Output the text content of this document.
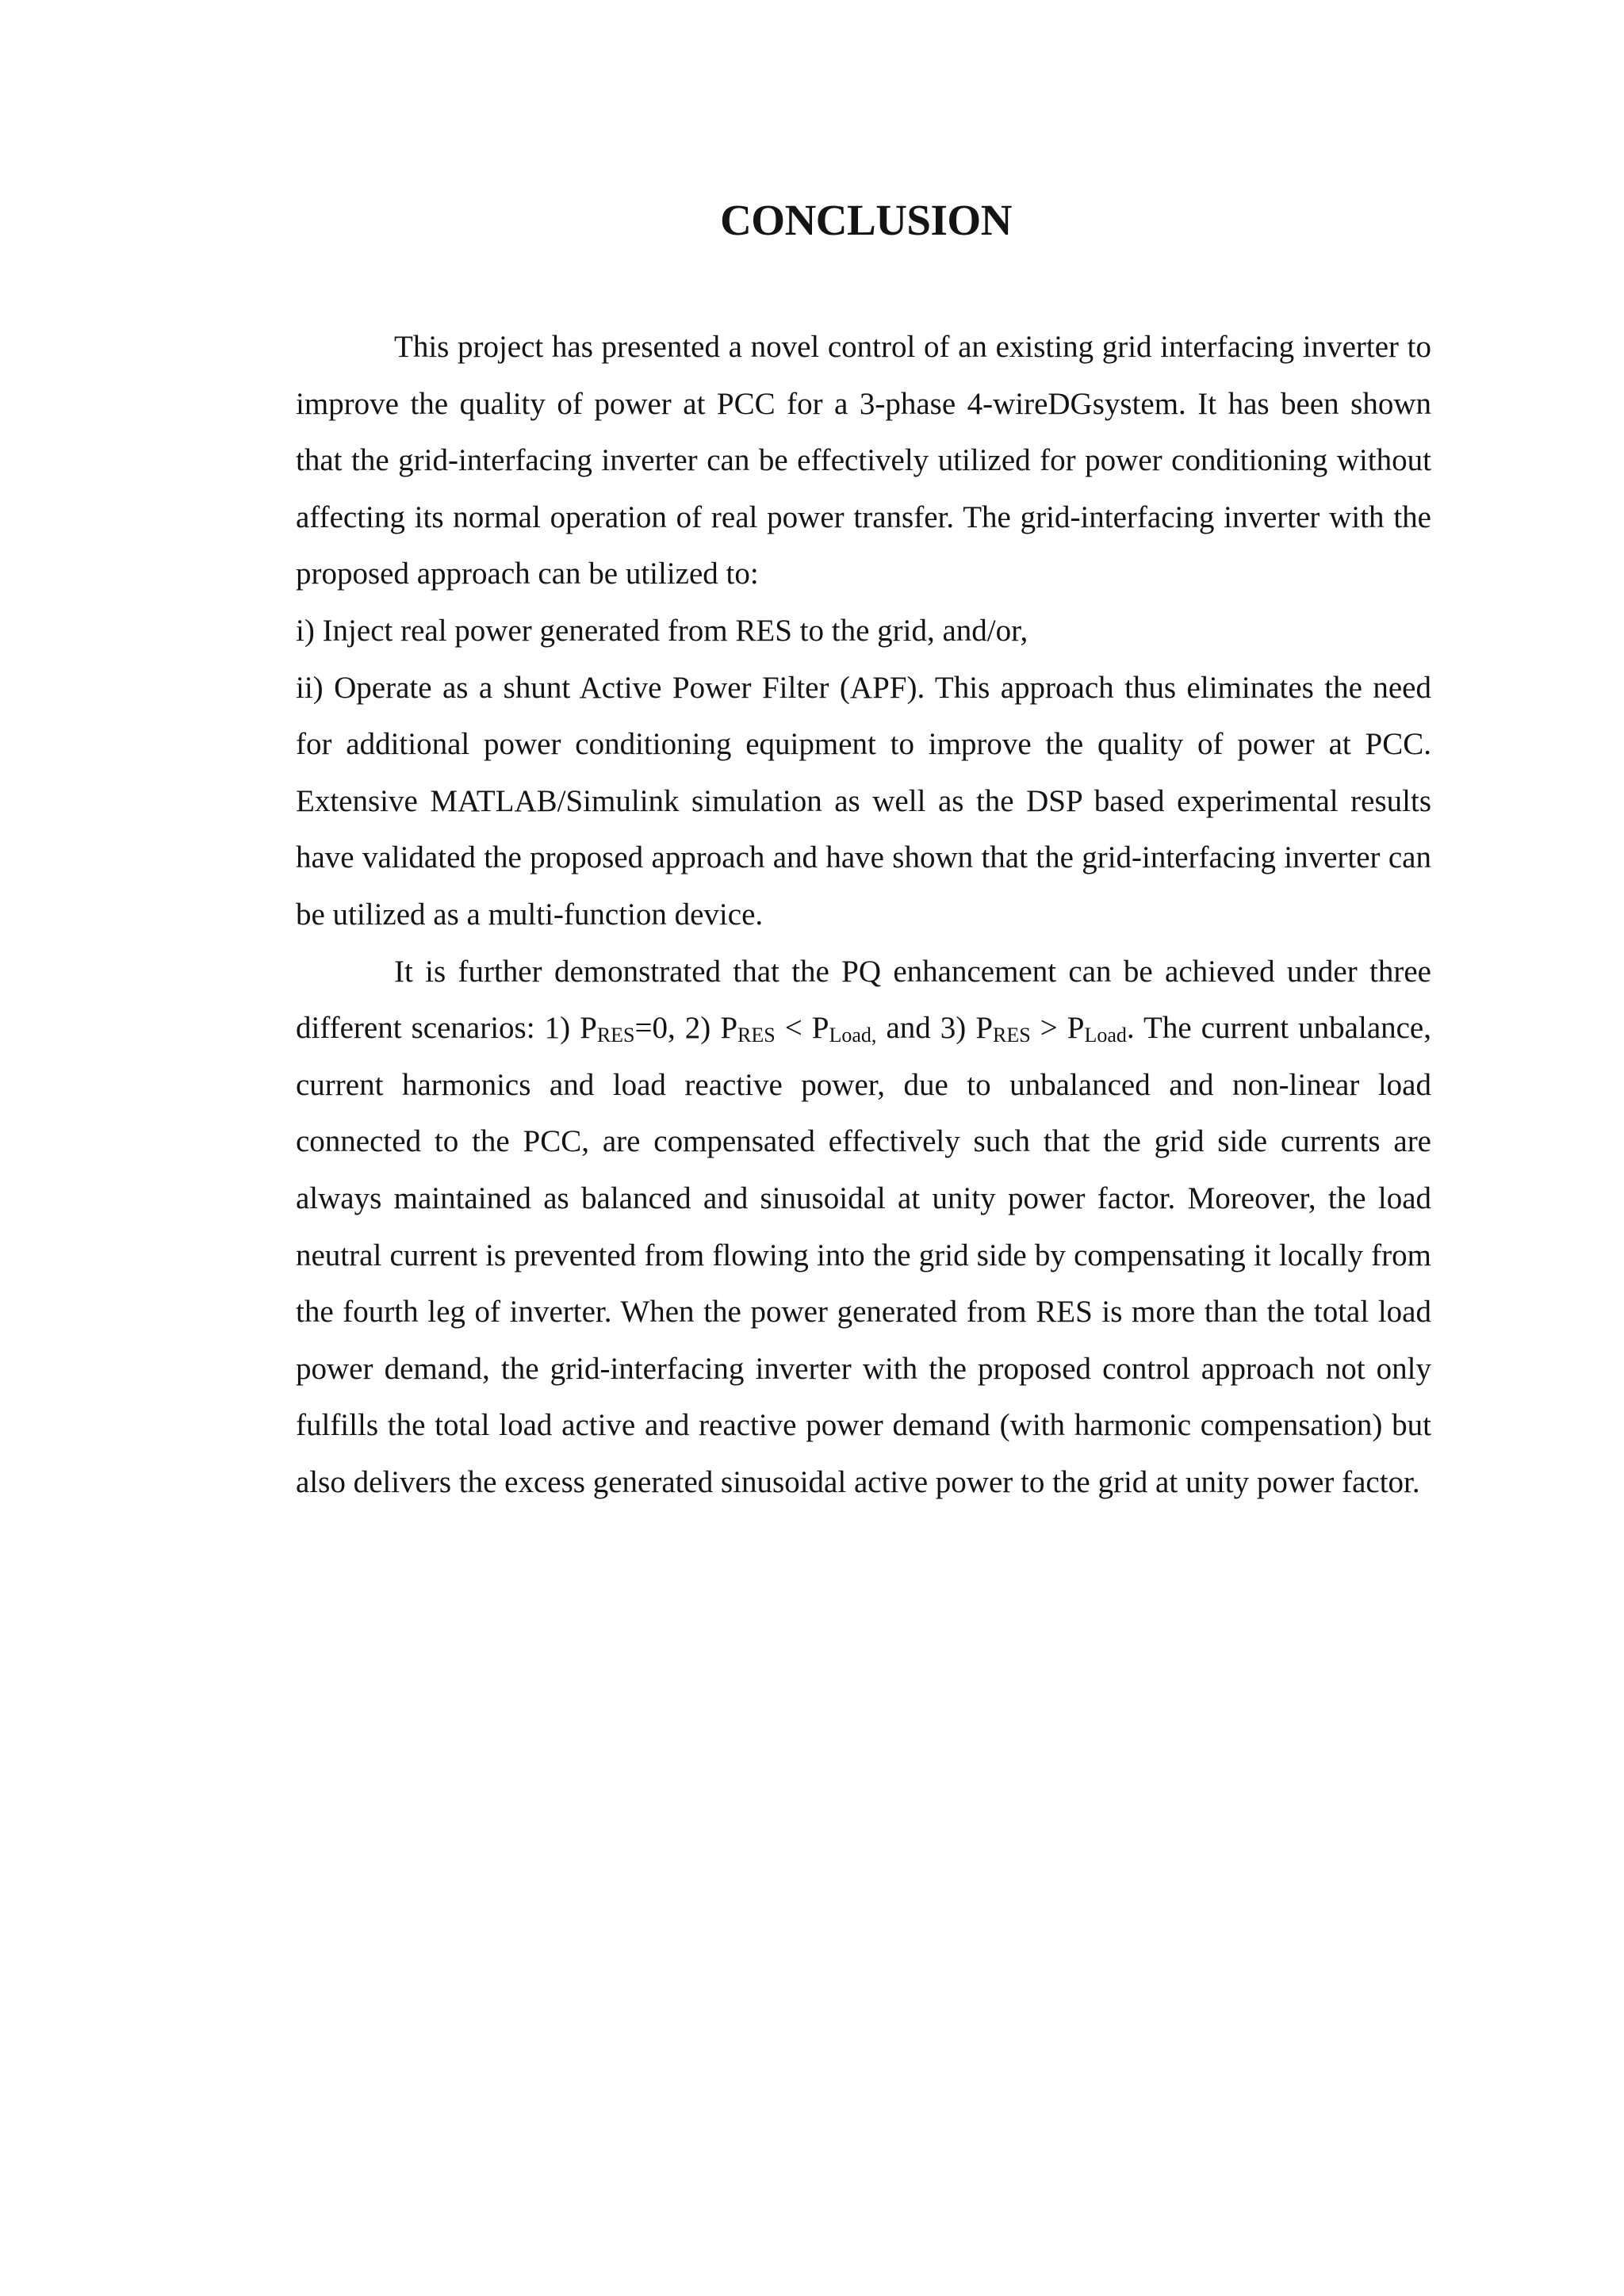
CONCLUSION

This project has presented a novel control of an existing grid interfacing inverter to improve the quality of power at PCC for a 3-phase 4-wireDGsystem. It has been shown that the grid-interfacing inverter can be effectively utilized for power conditioning without affecting its normal operation of real power transfer. The grid-interfacing inverter with the proposed approach can be utilized to:

i) Inject real power generated from RES to the grid, and/or,

ii) Operate as a shunt Active Power Filter (APF). This approach thus eliminates the need for additional power conditioning equipment to improve the quality of power at PCC. Extensive MATLAB/Simulink simulation as well as the DSP based experimental results have validated the proposed approach and have shown that the grid-interfacing inverter can be utilized as a multi-function device.

It is further demonstrated that the PQ enhancement can be achieved under three different scenarios: 1) PRES=0, 2) PRES < PLoad, and 3) PRES > PLoad. The current unbalance, current harmonics and load reactive power, due to unbalanced and non-linear load connected to the PCC, are compensated effectively such that the grid side currents are always maintained as balanced and sinusoidal at unity power factor. Moreover, the load neutral current is prevented from flowing into the grid side by compensating it locally from the fourth leg of inverter. When the power generated from RES is more than the total load power demand, the grid-interfacing inverter with the proposed control approach not only fulfills the total load active and reactive power demand (with harmonic compensation) but also delivers the excess generated sinusoidal active power to the grid at unity power factor.
